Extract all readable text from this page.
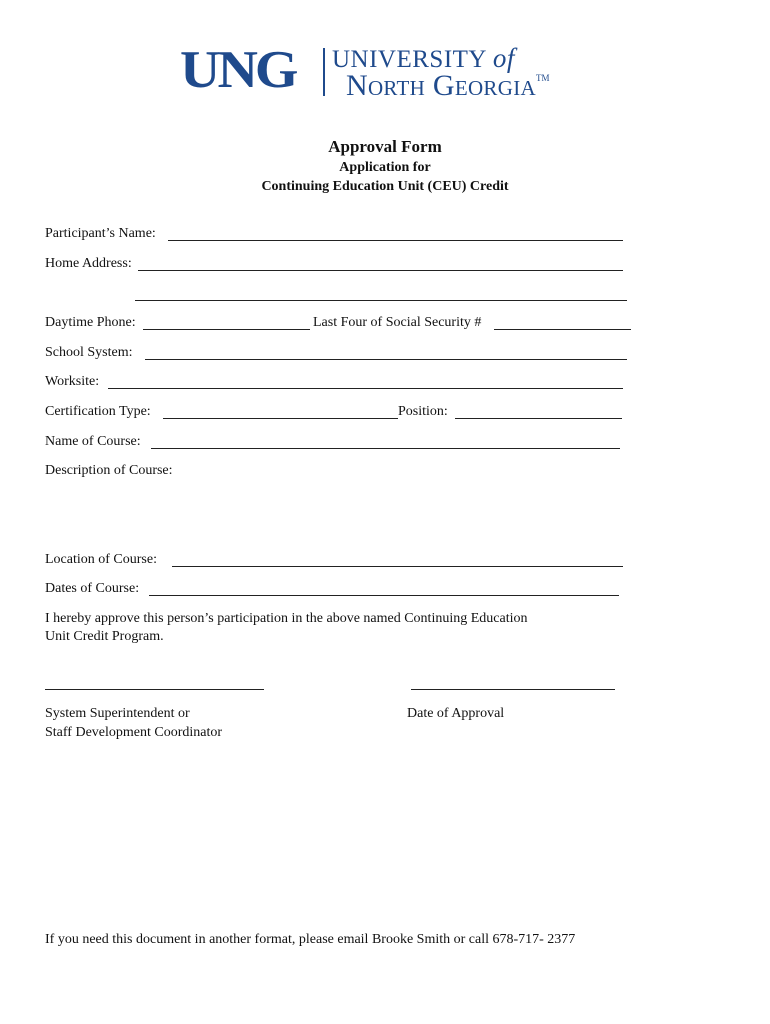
UNG UNIVERSITY of
North Georgia™
Approval Form
Application for
Continuing Education Unit (CEU) Credit
Participant’s Name:
Home Address:
Daytime Phone:	Last Four of Social Security #
School System:
Worksite:
Certification Type:	Position:
Name of Course:
Description of Course:
Location of Course:
Dates of Course:
I hereby approve this person’s participation in the above named Continuing Education
Unit Credit Program.
System Superintendent or
Staff Development Coordinator
Date of Approval
If you need this document in another format, please email Brooke Smith or call 678-717- 2377
